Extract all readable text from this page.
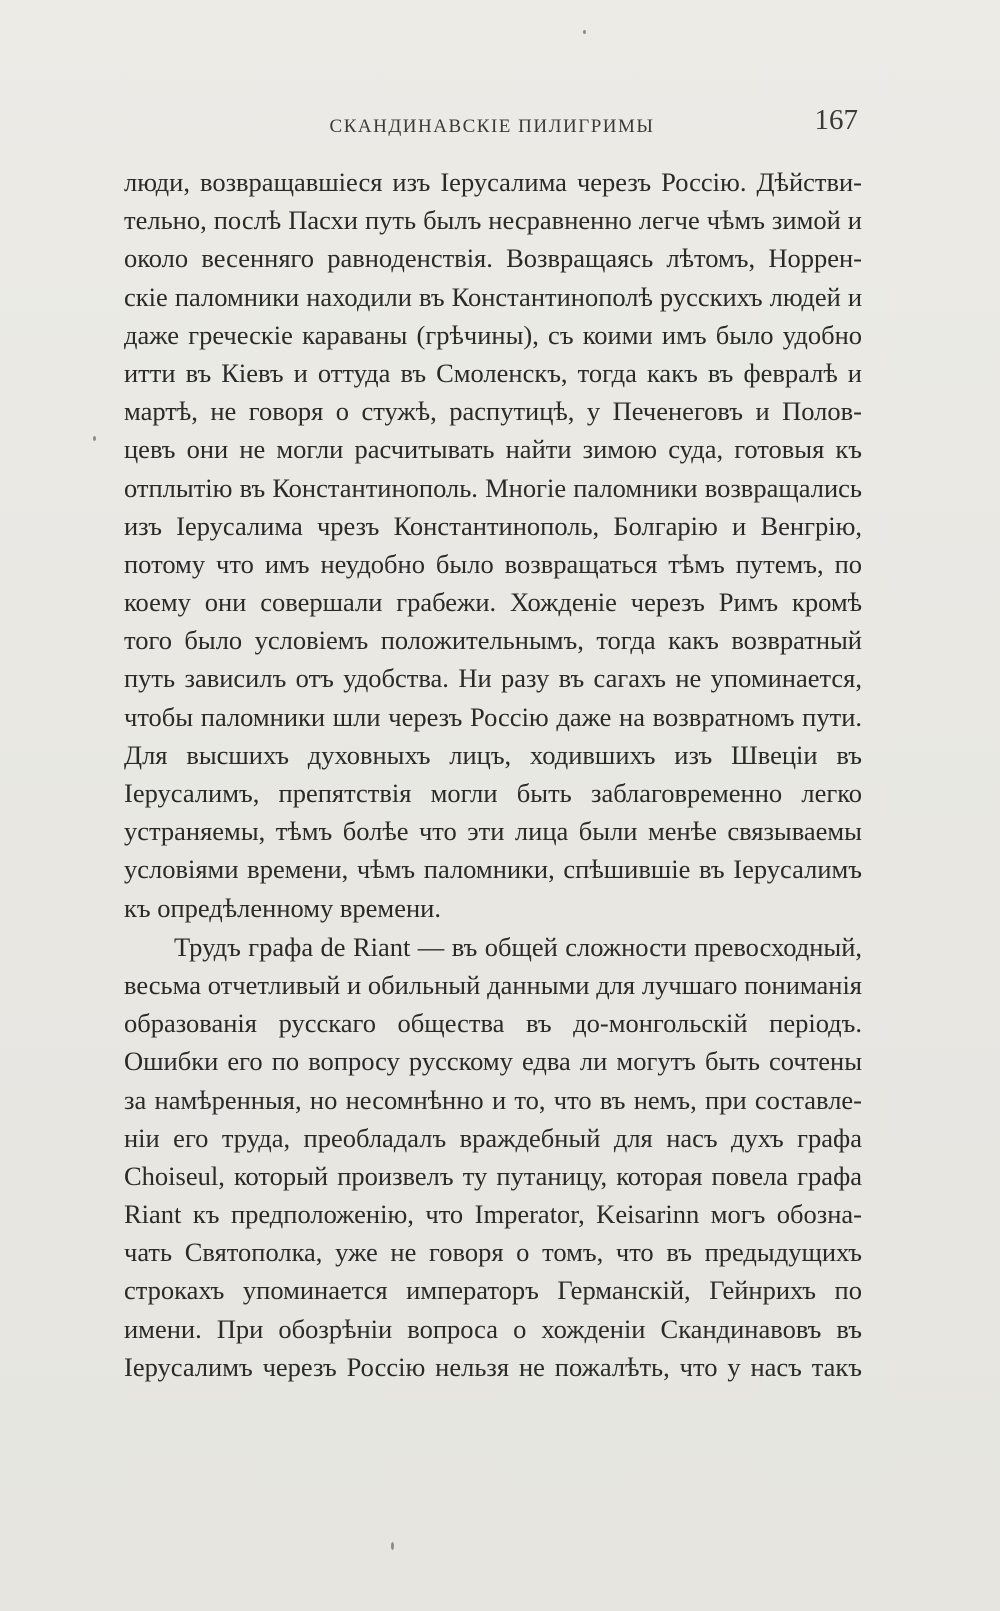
СКАНДИНАВСКІЕ ПИЛИГРИМЫ	167
люди, возвращавшіеся изъ Іерусалима черезъ Россію. Дѣйстви-
тельно, послѣ Пасхи путь былъ несравненно легче чѣмъ зимой и
около весенняго равноденствія. Возвращаясь лѣтомъ, Норрен-
скіе паломники находили въ Константинополѣ русскихъ людей и
даже греческіе караваны (грѣчины), съ коими имъ было удобно
итти въ Кіевъ и оттуда въ Смоленскъ, тогда какъ въ февралѣ и
мартѣ, не говоря о стужѣ, распутицѣ, у Печенеговъ и Полов-
цевъ они не могли расчитывать найти зимою суда, готовыя къ
отплытію въ Константинополь. Многіе паломники возвращались
изъ Іерусалима чрезъ Константинополь, Болгарію и Венгрію,
потому что имъ неудобно было возвращаться тѣмъ путемъ, по
коему они совершали грабежи. Хожденіе черезъ Римъ кромѣ
того было условіемъ положительнымъ, тогда какъ возвратный
путь зависилъ отъ удобства. Ни разу въ сагахъ не упоминается,
чтобы паломники шли черезъ Россію даже на возвратномъ пути.
Для высшихъ духовныхъ лицъ, ходившихъ изъ Швеціи въ
Іерусалимъ, препятствія могли быть заблаговременно легко
устраняемы, тѣмъ болѣе что эти лица были менѣе связываемы
условіями времени, чѣмъ паломники, спѣшившіе въ Іерусалимъ
къ опредѣленному времени.
Трудъ графа de Riant — въ общей сложности превосходный,
весьма отчетливый и обильный данными для лучшаго пониманія
образованія русскаго общества въ до-монгольскій періодъ.
Ошибки его по вопросу русскому едва ли могутъ быть сочтены
за намѣренныя, но несомнѣнно и то, что въ немъ, при составле-
ніи его труда, преобладалъ враждебный для насъ духъ графа
Choiseul, который произвелъ ту путаницу, которая повела графа
Riant къ предположенію, что Imperator, Keisarinn могъ обозна-
чать Святополка, уже не говоря о томъ, что въ предыдущихъ
строкахъ упоминается императоръ Германскій, Гейнрихъ по
имени. При обозрѣніи вопроса о хожденіи Скандинавовъ въ
Іерусалимъ черезъ Россію нельзя не пожалѣть, что у насъ такъ
